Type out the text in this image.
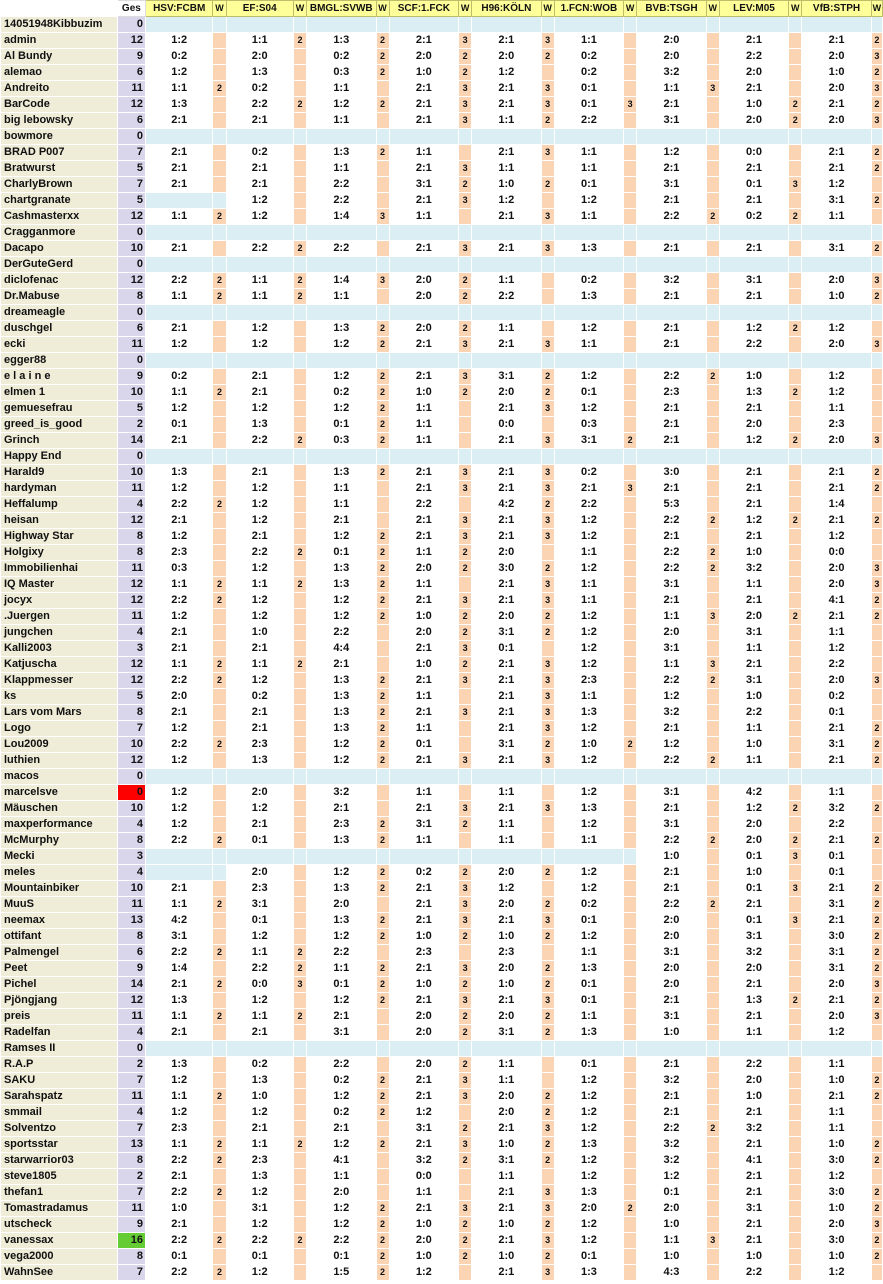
	Ges	HSV:FCBM	W	EF:S04	W	BMGL:SVWB	W	SCF:1.FCK	W	H96:KÖLN	W	1.FCN:WOB	W	BVB:TSGH	W	LEV:M05	W	VfB:STPH	W
14051948Kibbuzim	0																		
admin	12	1:2		1:1	2	1:3	2	2:1	3	2:1	3	1:1		2:0		2:1		2:1	2
Al Bundy	9	0:2		2:0		0:2	2	2:0	2	2:0	2	0:2		2:0		2:2		2:0	3
alemao	6	1:2		1:3		0:3	2	1:0	2	1:2		0:2		3:2		2:0		1:0	2
Andreito	11	1:1	2	0:2		1:1		2:1	3	2:1	3	0:1		1:1	3	2:1		2:0	3
BarCode	12	1:3		2:2	2	1:2	2	2:1	3	2:1	3	0:1	3	2:1		1:0	2	2:1	2
big lebowsky	6	2:1		2:1		1:1		2:1	3	1:1	2	2:2		3:1		2:0	2	2:0	3
bowmore	0																		
BRAD P007	7	2:1		0:2		1:3	2	1:1		2:1	3	1:1		1:2		0:0		2:1	2
Bratwurst	5	2:1		2:1		1:1		2:1	3	1:1		1:1		2:1		2:1		2:1	2
CharlyBrown	7	2:1		2:1		2:2		3:1	2	1:0	2	0:1		3:1		0:1	3	1:2	
chartgranate	5			1:2		2:2		2:1	3	1:2		1:2		2:1		2:1		3:1	2
Cashmasterxx	12	1:1	2	1:2		1:4	3	1:1		2:1	3	1:1		2:2	2	0:2	2	1:1	
Cragganmore	0																		
Dacapo	10	2:1		2:2	2	2:2		2:1	3	2:1	3	1:3		2:1		2:1		3:1	2
DerGuteGerd	0																		
diclofenac	12	2:2	2	1:1	2	1:4	3	2:0	2	1:1		0:2		3:2		3:1		2:0	3
Dr.Mabuse	8	1:1	2	1:1	2	1:1		2:0	2	2:2		1:3		2:1		2:1		1:0	2
dreameagle	0																		
duschgel	6	2:1		1:2		1:3	2	2:0	2	1:1		1:2		2:1		1:2	2	1:2	
ecki	11	1:2		1:2		1:2	2	2:1	3	2:1	3	1:1		2:1		2:2		2:0	3
egger88	0																		
e l a i n e	9	0:2		2:1		1:2	2	2:1	3	3:1	2	1:2		2:2	2	1:0		1:2	
elmen 1	10	1:1	2	2:1		0:2	2	1:0	2	2:0	2	0:1		2:3		1:3	2	1:2	
gemuesefrau	5	1:2		1:2		1:2	2	1:1		2:1	3	1:2		2:1		2:1		1:1	
greed_is_good	2	0:1		1:3		0:1	2	1:1		0:0		0:3		2:1		2:0		2:3	
Grinch	14	2:1		2:2	2	0:3	2	1:1		2:1	3	3:1	2	2:1		1:2	2	2:0	3
Happy End	0																		
Harald9	10	1:3		2:1		1:3	2	2:1	3	2:1	3	0:2		3:0		2:1		2:1	2
hardyman	11	1:2		1:2		1:1		2:1	3	2:1	3	2:1	3	2:1		2:1		2:1	2
Heffalump	4	2:2	2	1:2		1:1		2:2		4:2	2	2:2		5:3		2:1		1:4	
heisan	12	2:1		1:2		2:1		2:1	3	2:1	3	1:2		2:2	2	1:2	2	2:1	2
Highway Star	8	1:2		2:1		1:2	2	2:1	3	2:1	3	1:2		2:1		2:1		1:2	
Holgixy	8	2:3		2:2	2	0:1	2	1:1	2	2:0		1:1		2:2	2	1:0		0:0	
Immobilienhai	11	0:3		1:2		1:3	2	2:0	2	3:0	2	1:2		2:2	2	3:2		2:0	3
IQ Master	12	1:1	2	1:1	2	1:3	2	1:1		2:1	3	1:1		3:1		1:1		2:0	3
jocyx	12	2:2	2	1:2		1:2	2	2:1	3	2:1	3	1:1		2:1		2:1		4:1	2
.Juergen	11	1:2		1:2		1:2	2	1:0	2	2:0	2	1:2		1:1	3	2:0	2	2:1	2
jungchen	4	2:1		1:0		2:2		2:0	2	3:1	2	1:2		2:0		3:1		1:1	
Kalli2003	3	2:1		2:1		4:4		2:1	3	0:1		1:2		3:1		1:1		1:2	
Katjuscha	12	1:1	2	1:1	2	2:1		1:0	2	2:1	3	1:2		1:1	3	2:1		2:2	
Klappmesser	12	2:2	2	1:2		1:3	2	2:1	3	2:1	3	2:3		2:2	2	3:1		2:0	3
ks	5	2:0		0:2		1:3	2	1:1		2:1	3	1:1		1:2		1:0		0:2	
Lars vom Mars	8	2:1		2:1		1:3	2	2:1	3	2:1	3	1:3		3:2		2:2		0:1	
Logo	7	1:2		2:1		1:3	2	1:1		2:1	3	1:2		2:1		1:1		2:1	2
Lou2009	10	2:2	2	2:3		1:2	2	0:1		3:1	2	1:0	2	1:2		1:0		3:1	2
luthien	12	1:2		1:3		1:2	2	2:1	3	2:1	3	1:2		2:2	2	1:1		2:1	2
macos	0																		
marcelsve	0	1:2		2:0		3:2		1:1		1:1		1:2		3:1		4:2		1:1	
Mäuschen	10	1:2		1:2		2:1		2:1	3	2:1	3	1:3		2:1		1:2	2	3:2	2
maxperformance	4	1:2		2:1		2:3	2	3:1	2	1:1		1:2		3:1		2:0		2:2	
McMurphy	8	2:2	2	0:1		1:3	2	1:1		1:1		1:1		2:2	2	2:0	2	2:1	2
Mecki	3													1:0		0:1	3	0:1	
meles	4			2:0		1:2	2	0:2	2	2:0	2	1:2		2:1		1:0		0:1	
Mountainbiker	10	2:1		2:3		1:3	2	2:1	3	1:2		1:2		2:1		0:1	3	2:1	2
MuuS	11	1:1	2	3:1		2:0		2:1	3	2:0	2	0:2		2:2	2	2:1		3:1	2
neemax	13	4:2		0:1		1:3	2	2:1	3	2:1	3	0:1		2:0		0:1	3	2:1	2
ottifant	8	3:1		1:2		1:2	2	1:0	2	1:0	2	1:2		2:0		3:1		3:0	2
Palmengel	6	2:2	2	1:1	2	2:2		2:3		2:3		1:1		3:1		3:2		3:1	2
Peet	9	1:4		2:2	2	1:1	2	2:1	3	2:0	2	1:3		2:0		2:0		3:1	2
Pichel	14	2:1	2	0:0	3	0:1	2	1:0	2	1:0	2	0:1		2:0		2:1		2:0	3
Pjöngjang	12	1:3		1:2		1:2	2	2:1	3	2:1	3	0:1		2:1		1:3	2	2:1	2
preis	11	1:1	2	1:1	2	2:1		2:0	2	2:0	2	1:1		3:1		2:1		2:0	3
Radelfan	4	2:1		2:1		3:1		2:0	2	3:1	2	1:3		1:0		1:1		1:2	
Ramses II	0																		
R.A.P	2	1:3		0:2		2:2		2:0	2	1:1		0:1		2:1		2:2		1:1	
SAKU	7	1:2		1:3		0:2	2	2:1	3	1:1		1:2		3:2		2:0		1:0	2
Sarahspatz	11	1:1	2	1:0		1:2	2	2:1	3	2:0	2	1:2		2:1		1:0		2:1	2
smmail	4	1:2		1:2		0:2	2	1:2		2:0	2	1:2		2:1		2:1		1:1	
Solventzo	7	2:3		2:1		2:1		3:1	2	2:1	3	1:2		2:2	2	3:2		1:1	
sportsstar	13	1:1	2	1:1	2	1:2	2	2:1	3	1:0	2	1:3		3:2		2:1		1:0	2
starwarrior03	8	2:2	2	2:3		4:1		3:2	2	3:1	2	1:2		3:2		4:1		3:0	2
steve1805	2	2:1		1:3		1:1		0:0		1:1		1:2		1:2		2:1		1:2	
thefan1	7	2:2	2	1:2		2:0		1:1		2:1	3	1:3		0:1		2:1		3:0	2
Tomastradamus	11	1:0		3:1		1:2	2	2:1	3	2:1	3	2:0	2	2:0		3:1		1:0	2
utscheck	9	2:1		1:2		1:2	2	1:0	2	1:0	2	1:2		1:0		2:1		2:0	3
vanessax	16	2:2	2	2:2	2	2:2	2	2:0	2	2:1	3	1:2		1:1	3	2:1		3:0	2
vega2000	8	0:1		0:1		0:1	2	1:0	2	1:0	2	0:1		1:0		1:0		1:0	2
WahnSee	7	2:2	2	1:2		1:5	2	1:2		2:1	3	1:3		4:3		2:2		1:2	
